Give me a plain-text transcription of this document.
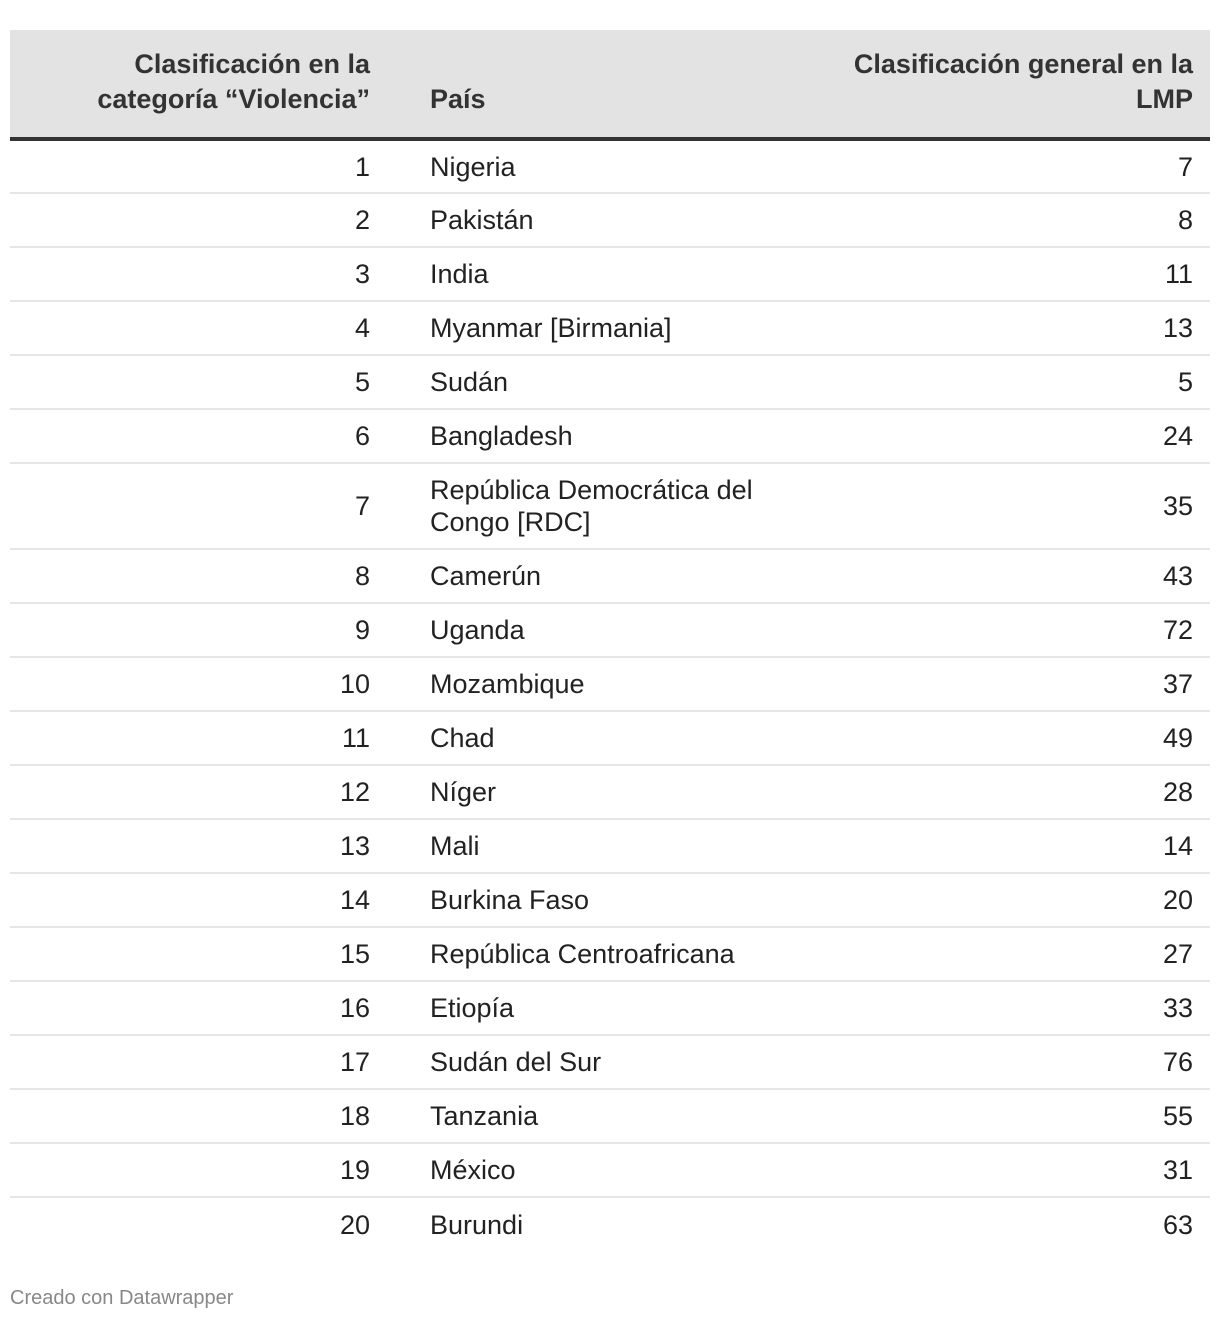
Clasificación en la categoría “Violencia”	País	Clasificación general en la LMP
1	Nigeria	7
2	Pakistán	8
3	India	11
4	Myanmar [Birmania]	13
5	Sudán	5
6	Bangladesh	24
7	República Democrática del Congo [RDC]	35
8	Camerún	43
9	Uganda	72
10	Mozambique	37
11	Chad	49
12	Níger	28
13	Mali	14
14	Burkina Faso	20
15	República Centroafricana	27
16	Etiopía	33
17	Sudán del Sur	76
18	Tanzania	55
19	México	31
20	Burundi	63
Creado con Datawrapper
